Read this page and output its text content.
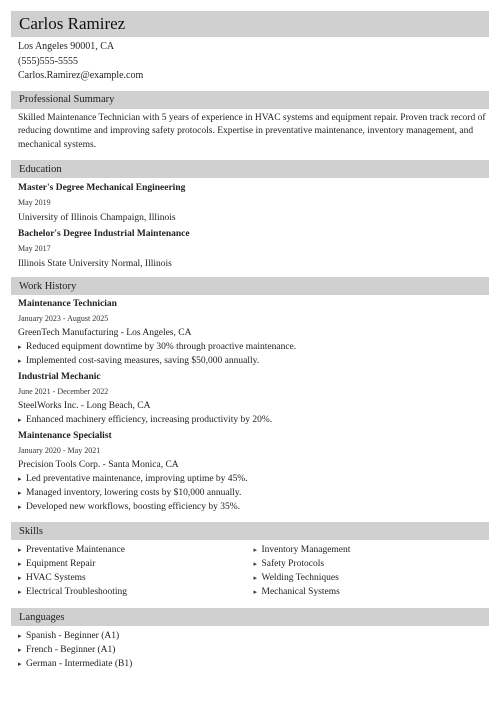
Carlos Ramirez
Los Angeles 90001, CA
(555)555-5555
Carlos.Ramirez@example.com
Professional Summary
Skilled Maintenance Technician with 5 years of experience in HVAC systems and equipment repair. Proven track record of reducing downtime and improving safety protocols. Expertise in preventative maintenance, inventory management, and mechanical systems.
Education
Master's Degree Mechanical Engineering
May 2019
University of Illinois Champaign, Illinois
Bachelor's Degree Industrial Maintenance
May 2017
Illinois State University Normal, Illinois
Work History
Maintenance Technician
January 2023 - August 2025
GreenTech Manufacturing - Los Angeles, CA
▸ Reduced equipment downtime by 30% through proactive maintenance.
▸ Implemented cost-saving measures, saving $50,000 annually.
Industrial Mechanic
June 2021 - December 2022
SteelWorks Inc. - Long Beach, CA
▸ Enhanced machinery efficiency, increasing productivity by 20%.
Maintenance Specialist
January 2020 - May 2021
Precision Tools Corp. - Santa Monica, CA
▸ Led preventative maintenance, improving uptime by 45%.
▸ Managed inventory, lowering costs by $10,000 annually.
▸ Developed new workflows, boosting efficiency by 35%.
Skills
▸ Preventative Maintenance
▸ Equipment Repair
▸ HVAC Systems
▸ Electrical Troubleshooting
▸ Inventory Management
▸ Safety Protocols
▸ Welding Techniques
▸ Mechanical Systems
Languages
▸ Spanish - Beginner (A1)
▸ French - Beginner (A1)
▸ German - Intermediate (B1)
